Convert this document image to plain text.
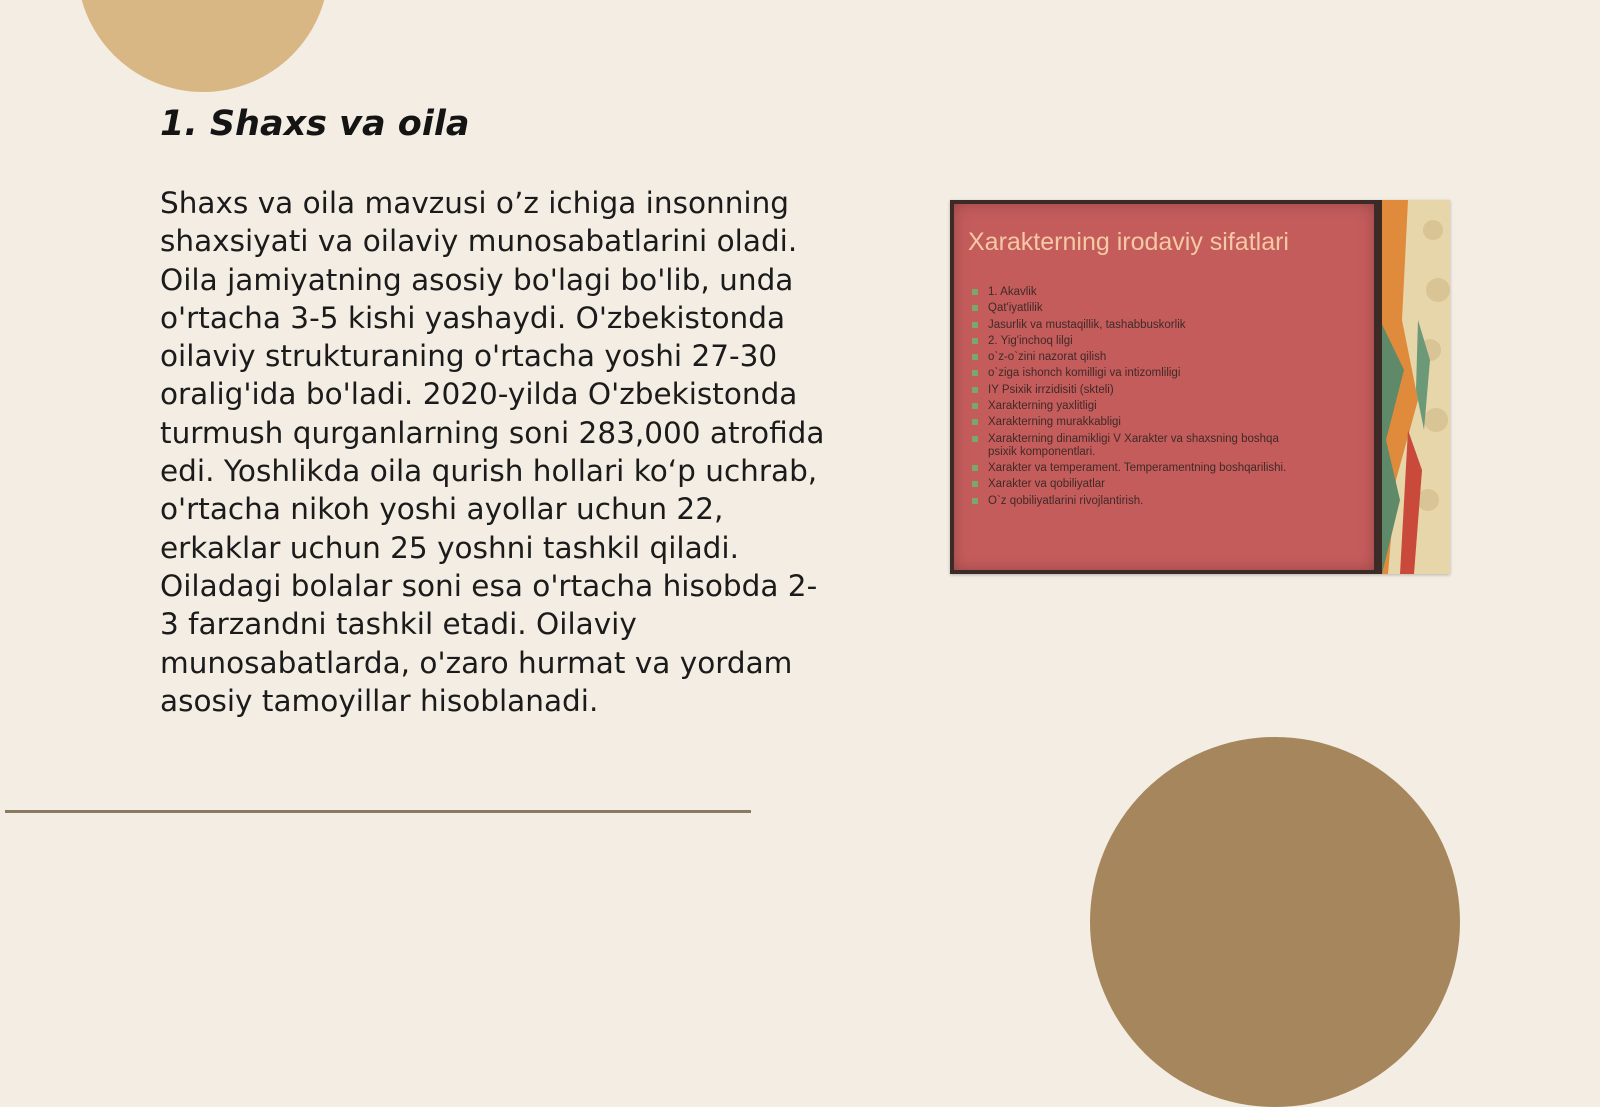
1. Shaxs va oila

Shaxs va oila mavzusi o’z ichiga insonning
shaxsiyati va oilaviy munosabatlarini oladi.
Oila jamiyatning asosiy bo'lagi bo'lib, unda
o'rtacha 3-5 kishi yashaydi. O'zbekistonda
oilaviy strukturaning o'rtacha yoshi 27-30
oralig'ida bo'ladi. 2020-yilda O'zbekistonda
turmush qurganlarning soni 283,000 atrofida
edi. Yoshlikda oila qurish hollari ko‘p uchrab,
o'rtacha nikoh yoshi ayollar uchun 22,
erkaklar uchun 25 yoshni tashkil qiladi.
Oiladagi bolalar soni esa o'rtacha hisobda 2-
3 farzandni tashkil etadi. Oilaviy
munosabatlarda, o'zaro hurmat va yordam
asosiy tamoyillar hisoblanadi.

Xarakterning irodaviy sifatlari
1. Akavlik
Qat'iyatlilik
Jasurlik va mustaqillik, tashabbuskorlik
2. Yig'inchoq lilgi
o`z-o`zini nazorat qilish
o`ziga ishonch komilligi va intizomliligi
IY Psixik irrzidisiti (skteli)
Xarakterning yaxlitligi
Xarakterning murakkabligi
Xarakterning dinamikligi V Xarakter va shaxsning boshqa psixik komponentlari.
Xarakter va temperament. Temperamentning boshqarilishi.
Xarakter va qobiliyatlar
O`z qobiliyatlarini rivojlantirish.
